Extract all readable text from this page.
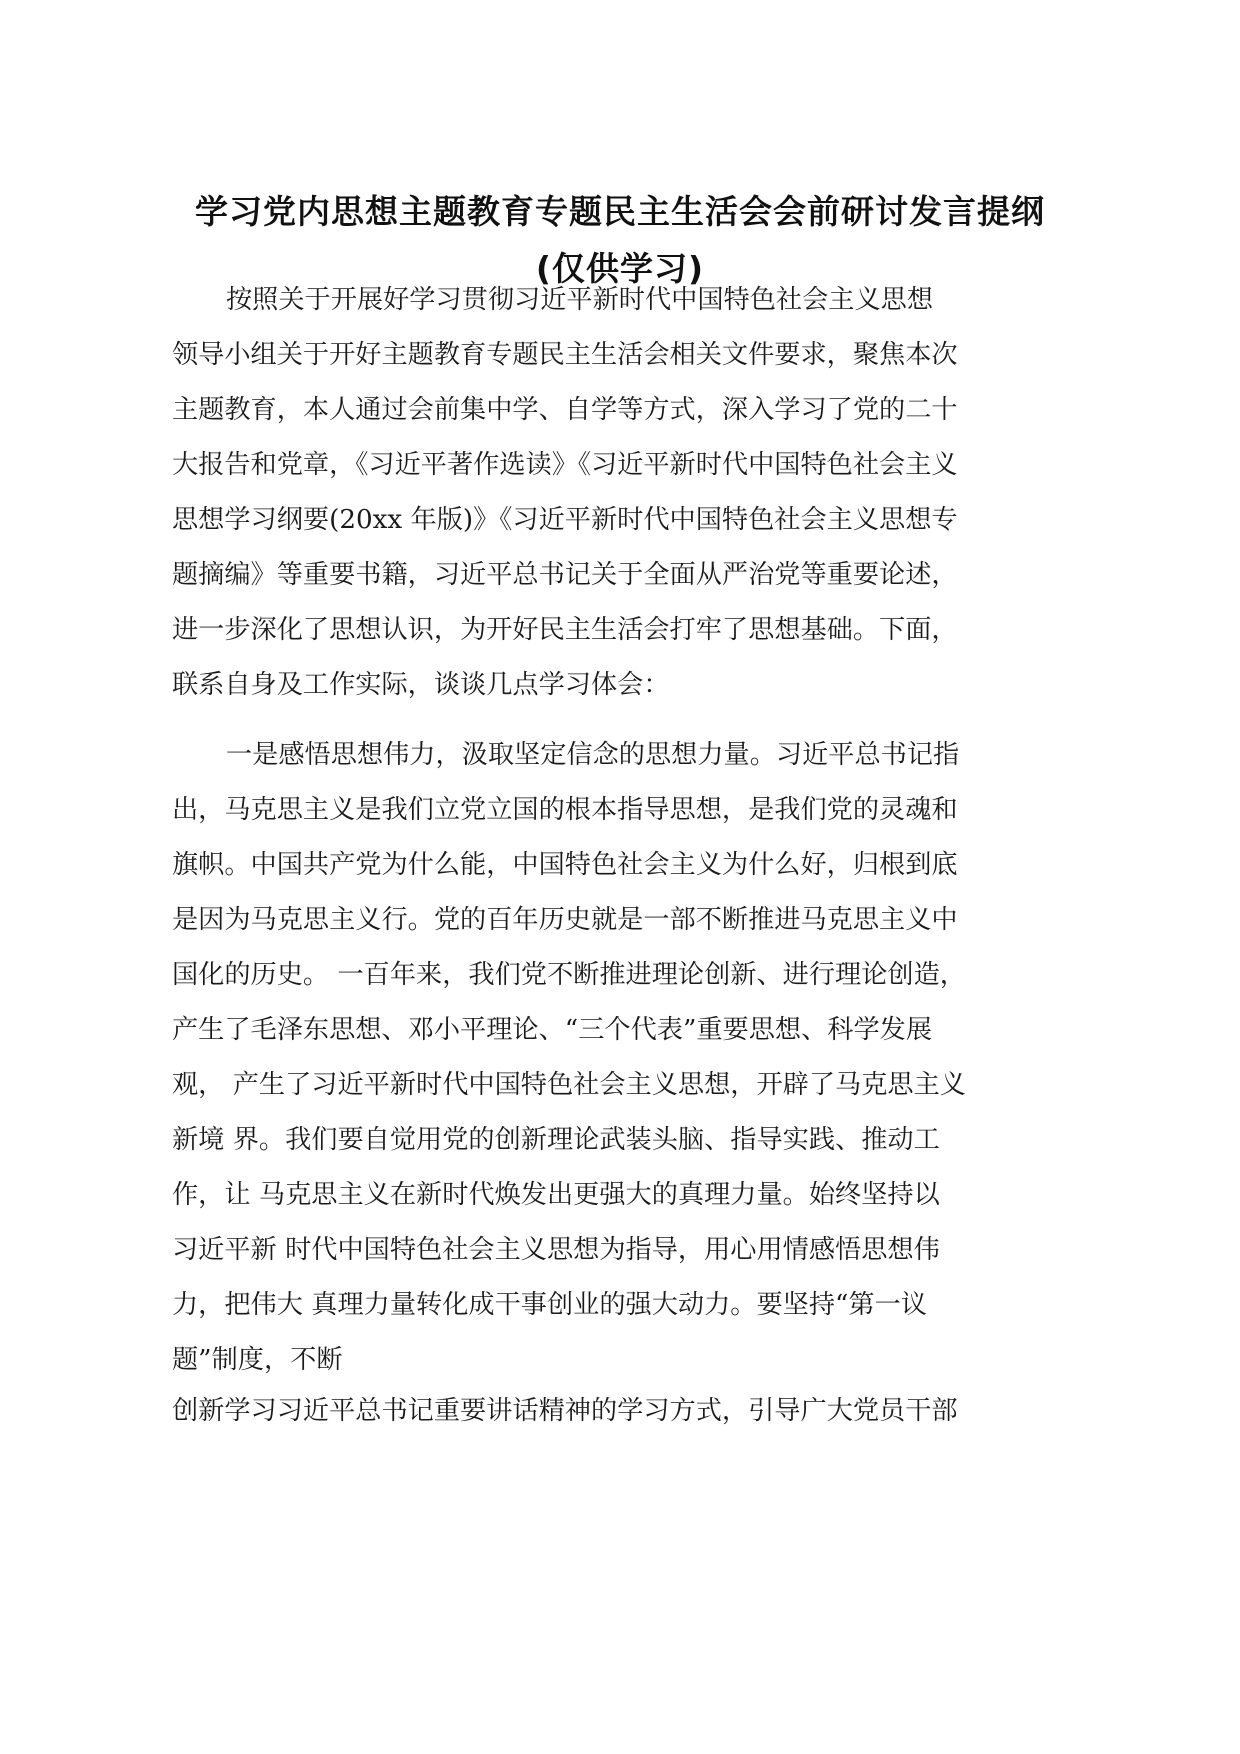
学习党内思想主题教育专题民主生活会会前研讨发言提纲
(仅供学习)
按照关于开展好学习贯彻习近平新时代中国特色社会主义思想
领导小组关于开好主题教育专题民主生活会相关文件要求，聚焦本次
主题教育，本人通过会前集中学、自学等方式，深入学习了党的二十
大报告和党章，《习近平著作选读》《习近平新时代中国特色社会主义
思想学习纲要(20xx 年版)》《习近平新时代中国特色社会主义思想专
题摘编》等重要书籍，习近平总书记关于全面从严治党等重要论述，
进一步深化了思想认识，为开好民主生活会打牢了思想基础。下面，
联系自身及工作实际，谈谈几点学习体会：
一是感悟思想伟力，汲取坚定信念的思想力量。习近平总书记指
出，马克思主义是我们立党立国的根本指导思想，是我们党的灵魂和
旗帜。中国共产党为什么能，中国特色社会主义为什么好，归根到底
是因为马克思主义行。党的百年历史就是一部不断推进马克思主义中
国化的历史。 一百年来，我们党不断推进理论创新、进行理论创造，
产生了毛泽东思想、邓小平理论、“三个代表”重要思想、科学发展
观， 产生了习近平新时代中国特色社会主义思想，开辟了马克思主义
新境 界。我们要自觉用党的创新理论武装头脑、指导实践、推动工
作，让 马克思主义在新时代焕发出更强大的真理力量。始终坚持以
习近平新 时代中国特色社会主义思想为指导，用心用情感悟思想伟
力，把伟大 真理力量转化成干事创业的强大动力。要坚持“第一议
题”制度，不断
创新学习习近平总书记重要讲话精神的学习方式，引导广大党员干部
